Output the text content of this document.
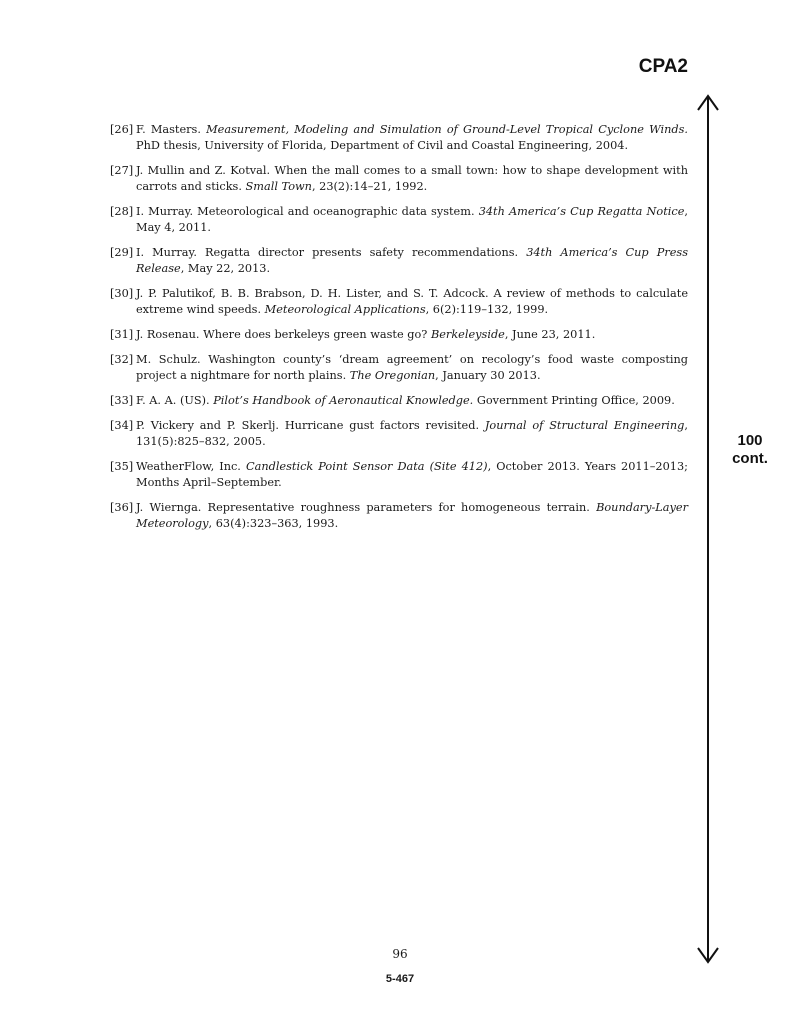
CPA2
[26] F. Masters. Measurement, Modeling and Simulation of Ground-Level Tropical Cyclone Winds. PhD thesis, University of Florida, Department of Civil and Coastal Engineering, 2004.
[27] J. Mullin and Z. Kotval. When the mall comes to a small town: how to shape development with carrots and sticks. Small Town, 23(2):14–21, 1992.
[28] I. Murray. Meteorological and oceanographic data system. 34th America’s Cup Regatta Notice, May 4, 2011.
[29] I. Murray. Regatta director presents safety recommendations. 34th America’s Cup Press Release, May 22, 2013.
[30] J. P. Palutikof, B. B. Brabson, D. H. Lister, and S. T. Adcock. A review of methods to calculate extreme wind speeds. Meteorological Applications, 6(2):119–132, 1999.
[31] J. Rosenau. Where does berkeleys green waste go? Berkeleyside, June 23, 2011.
[32] M. Schulz. Washington county’s ‘dream agreement’ on recology’s food waste composting project a nightmare for north plains. The Oregonian, January 30 2013.
[33] F. A. A. (US). Pilot’s Handbook of Aeronautical Knowledge. Government Printing Office, 2009.
[34] P. Vickery and P. Skerlj. Hurricane gust factors revisited. Journal of Structural Engineering, 131(5):825–832, 2005.
[35] WeatherFlow, Inc. Candlestick Point Sensor Data (Site 412), October 2013. Years 2011–2013; Months April–September.
[36] J. Wiernga. Representative roughness parameters for homogeneous terrain. Boundary-Layer Meteorology, 63(4):323–363, 1993.
100
cont.
96
5-467
